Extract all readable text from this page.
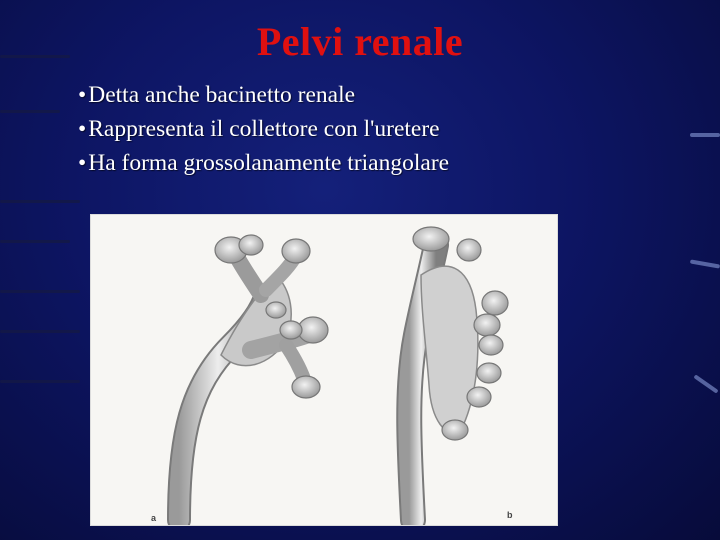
Pelvi renale
• Detta anche bacinetto renale
• Rappresenta il collettore con l'uretere
• Ha forma grossolanamente triangolare
a	b
